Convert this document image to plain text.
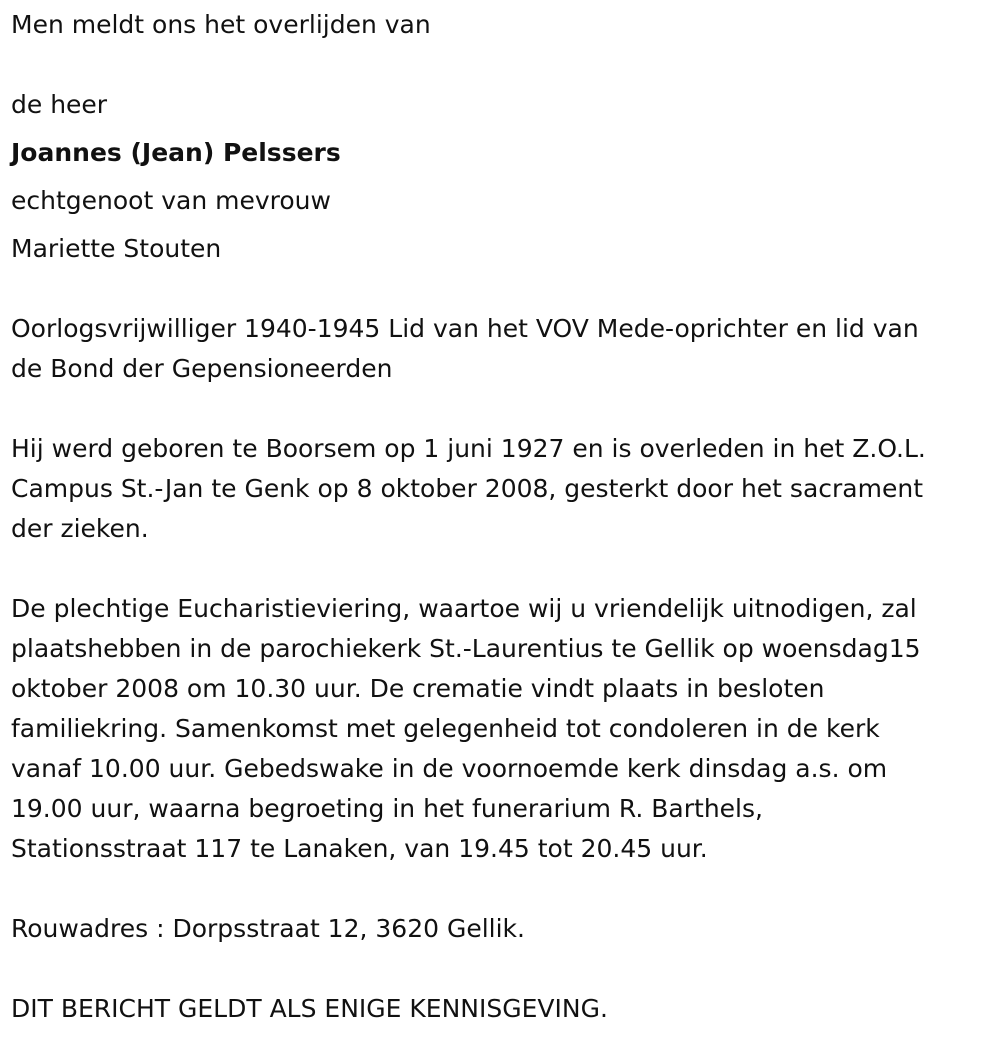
Men meldt ons het overlijden van

de heer

Joannes (Jean) Pelssers

echtgenoot van mevrouw

Mariette Stouten

Oorlogsvrijwilliger 1940-1945 Lid van het VOV Mede-oprichter en lid van
de Bond der Gepensioneerden
Hij werd geboren te Boorsem op 1 juni 1927 en is overleden in het Z.O.L.
Campus St.-Jan te Genk op 8 oktober 2008, gesterkt door het sacrament
der zieken.
De plechtige Eucharistieviering, waartoe wij u vriendelijk uitnodigen, zal
plaatshebben in de parochiekerk St.-Laurentius te Gellik op woensdag15
oktober 2008 om 10.30 uur. De crematie vindt plaats in besloten
familiekring. Samenkomst met gelegenheid tot condoleren in de kerk
vanaf 10.00 uur. Gebedswake in de voornoemde kerk dinsdag a.s. om
19.00 uur, waarna begroeting in het funerarium R. Barthels,
Stationsstraat 117 te Lanaken, van 19.45 tot 20.45 uur.

Rouwadres : Dorpsstraat 12, 3620 Gellik.

DIT BERICHT GELDT ALS ENIGE KENNISGEVING.
